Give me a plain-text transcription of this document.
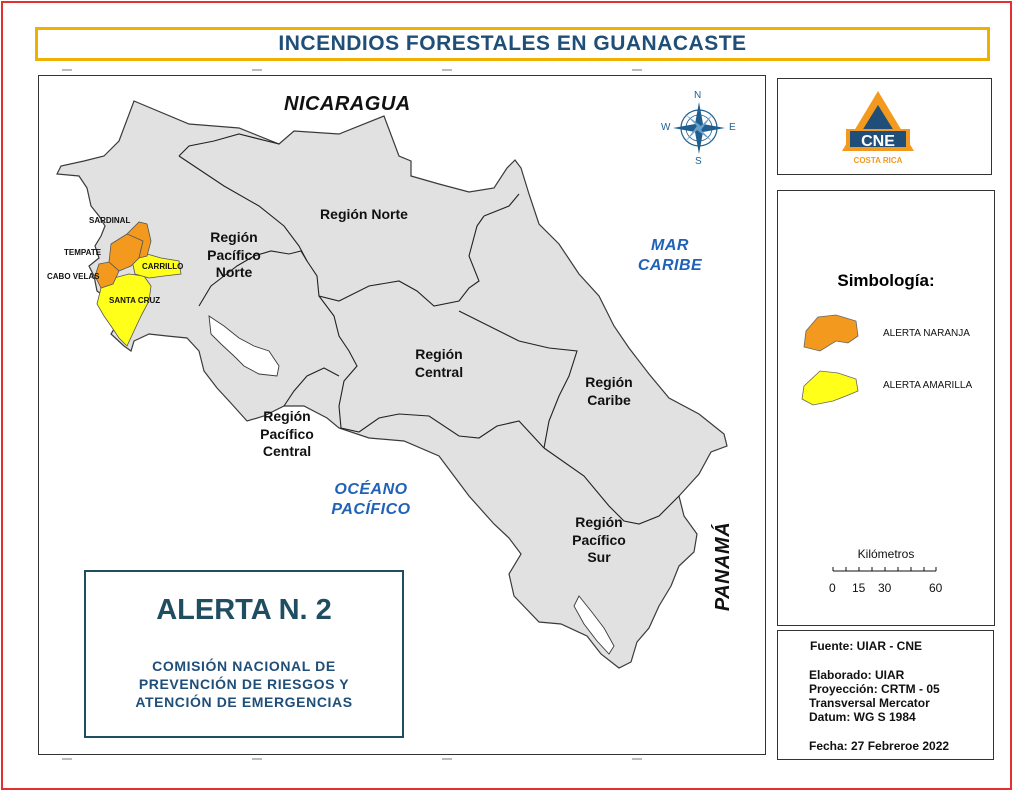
INCENDIOS FORESTALES EN GUANACASTE
N
S
W	E
NICARAGUA
PANAMÁ
MAR
CARIBE
OCÉANO
PACÍFICO
Región Norte
Región
Pacífico
Norte
Región
Central
Región
Caribe
Región
Pacífico
Central
Región
Pacífico
Sur
SARDINAL
TEMPATE
CABO VELAS
CARRILLO
SANTA CRUZ
ALERTA N. 2
COMISIÓN NACIONAL DE
PREVENCIÓN DE RIESGOS Y
ATENCIÓN DE EMERGENCIAS
CNE
COSTA RICA
Simbología:
ALERTA NARANJA
ALERTA AMARILLA
Kilómetros
0 15 30	60
Fuente: UIAR - CNE
Elaborado: UIAR
Proyección: CRTM - 05
Transversal Mercator
Datum: WG S 1984
Fecha: 27 Febreroe 2022
